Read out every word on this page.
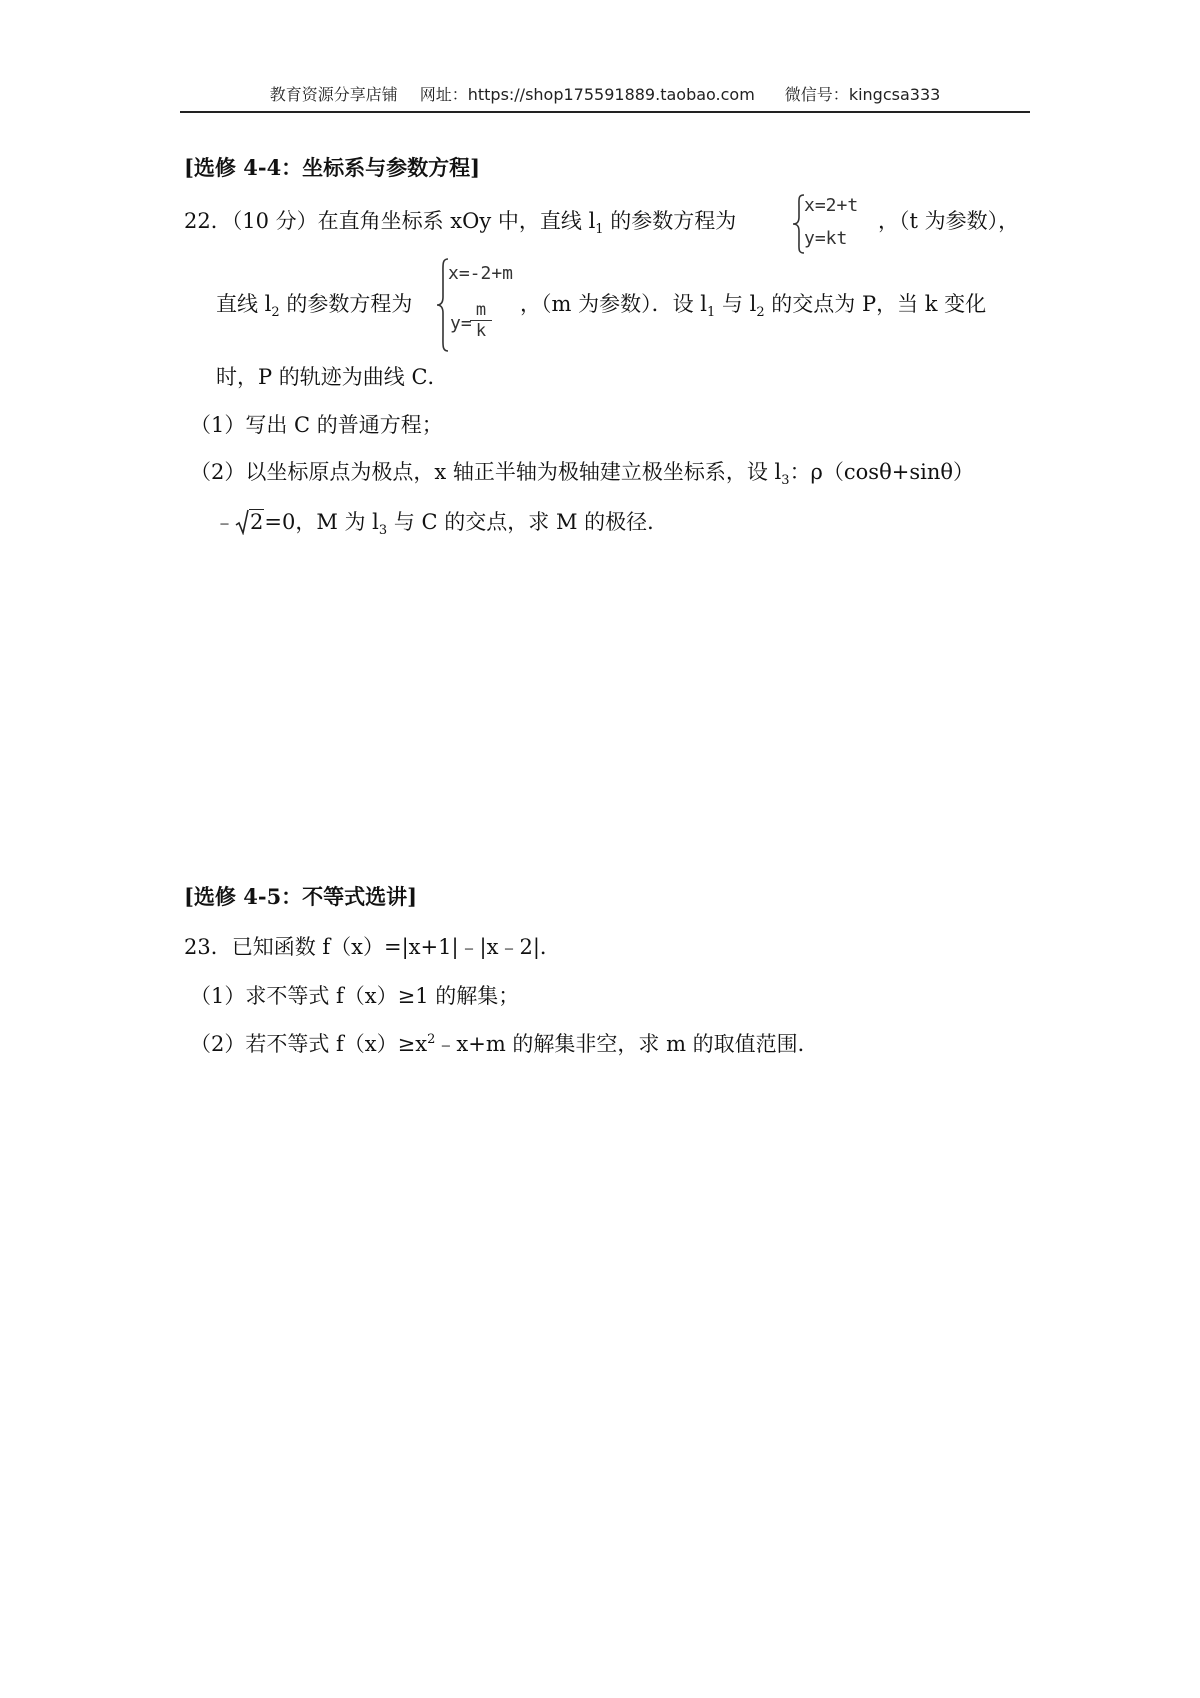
教育资源分享店铺 网址：https://shop175591889.taobao.com 微信号：kingcsa333
[选修 4-4：坐标系与参数方程]
22．（10 分）在直角坐标系 xOy 中，直线 $l_1$ 的参数方程为
x=2+t
y=kt
，（t 为参数），
直线 $l_2$ 的参数方程为
x=-2+m
y=
m
k
，（m 为参数）．设 $l_1$ 与 $l_2$ 的交点为 P，当 k 变化
时，P 的轨迹为曲线 C．
（1）写出 C 的普通方程；
（2）以坐标原点为极点，x 轴正半轴为极轴建立极坐标系，设 $l_3$：ρ（cosθ+sinθ）
﹣ 2=0，M 为 $l_3$ 与 C 的交点，求 M 的极径．
[选修 4-5：不等式选讲]
23．已知函数 f（x）=|x+1|﹣|x﹣2|．
（1）求不等式 f（x）≥1 的解集；
（2）若不等式 $f(x)\ge x^2﹣x+m$ 的解集非空，求 m 的取值范围．
